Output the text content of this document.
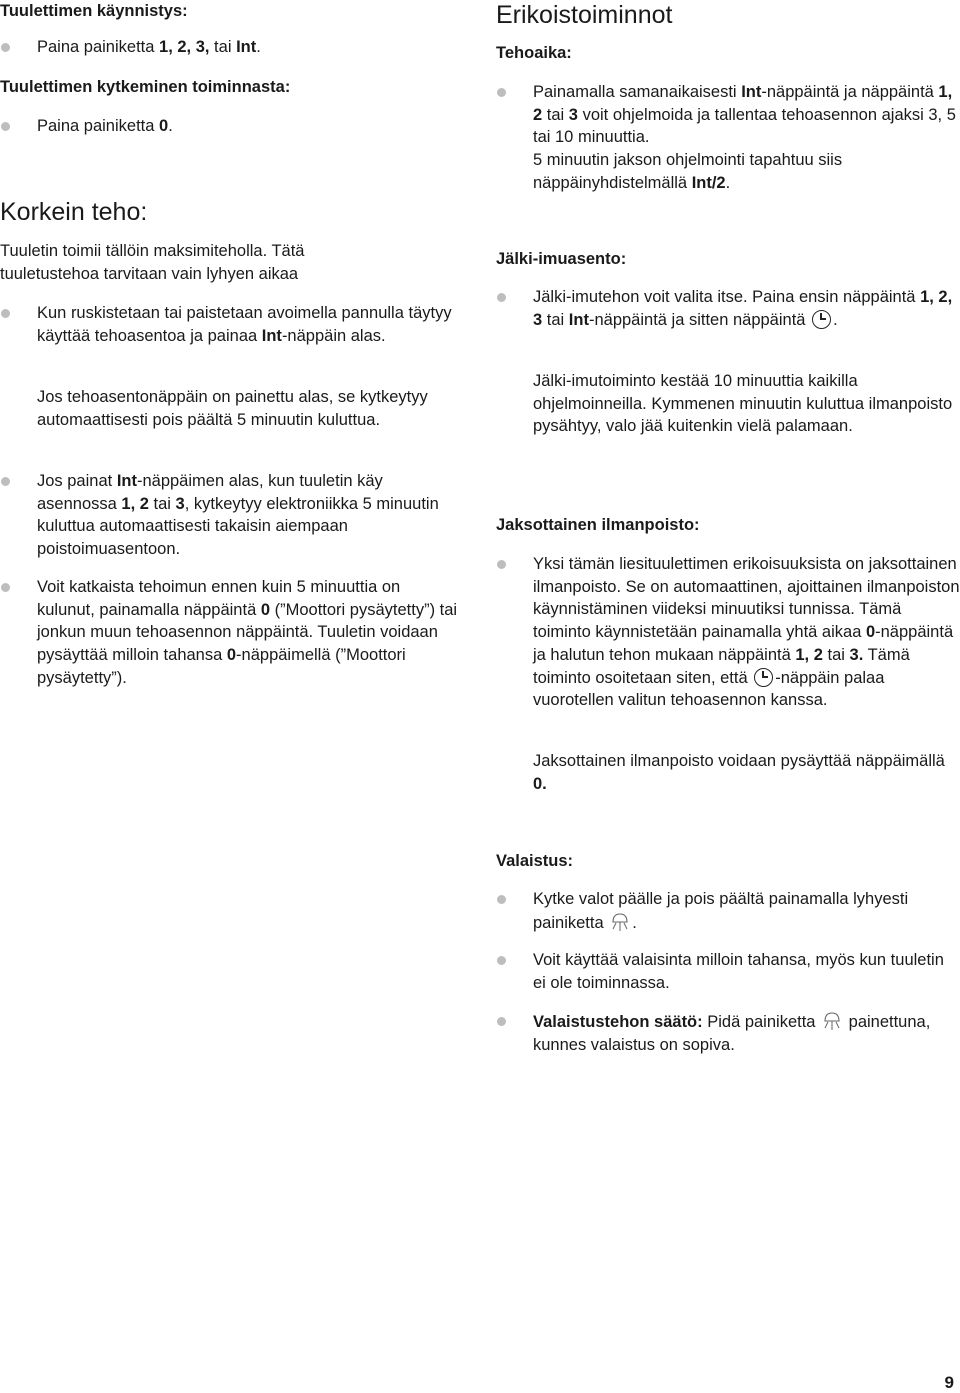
Tuulettimen käynnistys:

Paina painiketta 1, 2, 3, tai Int.

Tuulettimen kytkeminen toiminnasta:

Paina painiketta 0.

Korkein teho:

Tuuletin toimii tällöin maksimiteholla. Tätä tuuletustehoa tarvitaan vain lyhyen aikaa

Kun ruskistetaan tai paistetaan avoimella pannulla täytyy käyttää tehoasentoa ja painaa Int-näppäin alas.

Jos tehoasentonäppäin on painettu alas, se kytkeytyy automaattisesti pois päältä 5 minuutin kuluttua.

Jos painat Int-näppäimen alas, kun tuuletin käy asennossa 1, 2 tai 3, kytkeytyy elektroniikka 5 minuutin kuluttua automaattisesti takaisin aiempaan poistoimuasentoon.

Voit katkaista tehoimun ennen kuin 5 minuuttia on kulunut, painamalla näppäintä 0 (”Moottori pysäytetty”) tai jonkun muun tehoasennon näppäintä. Tuuletin voidaan pysäyttää milloin tahansa 0-näppäimellä (”Moottori pysäytetty”).

Erikoistoiminnot
Tehoaika:

Painamalla samanaikaisesti Int-näppäintä ja näppäintä 1, 2 tai 3 voit ohjelmoida ja tallentaa tehoasennon ajaksi 3, 5 tai 10 minuuttia.

5 minuutin jakson ohjelmointi tapahtuu siis näppäinyhdistelmällä Int/2.

Jälki-imuasento:

Jälki-imutehon voit valita itse. Paina ensin näppäintä 1, 2, 3 tai Int-näppäintä ja sitten näppäintä .

Jälki-imutoiminto kestää 10 minuuttia kaikilla ohjelmoinneilla. Kymmenen minuutin kuluttua ilmanpoisto pysähtyy, valo jää kuitenkin vielä palamaan.

Jaksottainen ilmanpoisto:

Yksi tämän liesituulettimen erikoisuuksista on jaksottainen ilmanpoisto. Se on automaattinen, ajoittainen ilmanpoiston käynnistäminen viideksi minuutiksi tunnissa. Tämä toiminto käynnistetään painamalla yhtä aikaa 0-näppäintä ja halutun tehon mukaan näppäintä 1, 2 tai 3. Tämä toiminto osoitetaan siten, että -näppäin palaa vuorotellen valitun tehoasennon kanssa.

Jaksottainen ilmanpoisto voidaan pysäyttää näppäimällä 0.

Valaistus:

Kytke valot päälle ja pois päältä painamalla lyhyesti painiketta .

Voit käyttää valaisinta milloin tahansa, myös kun tuuletin ei ole toiminnassa.

Valaistustehon säätö: Pidä painiketta  painettuna, kunnes valaistus on sopiva.

9
